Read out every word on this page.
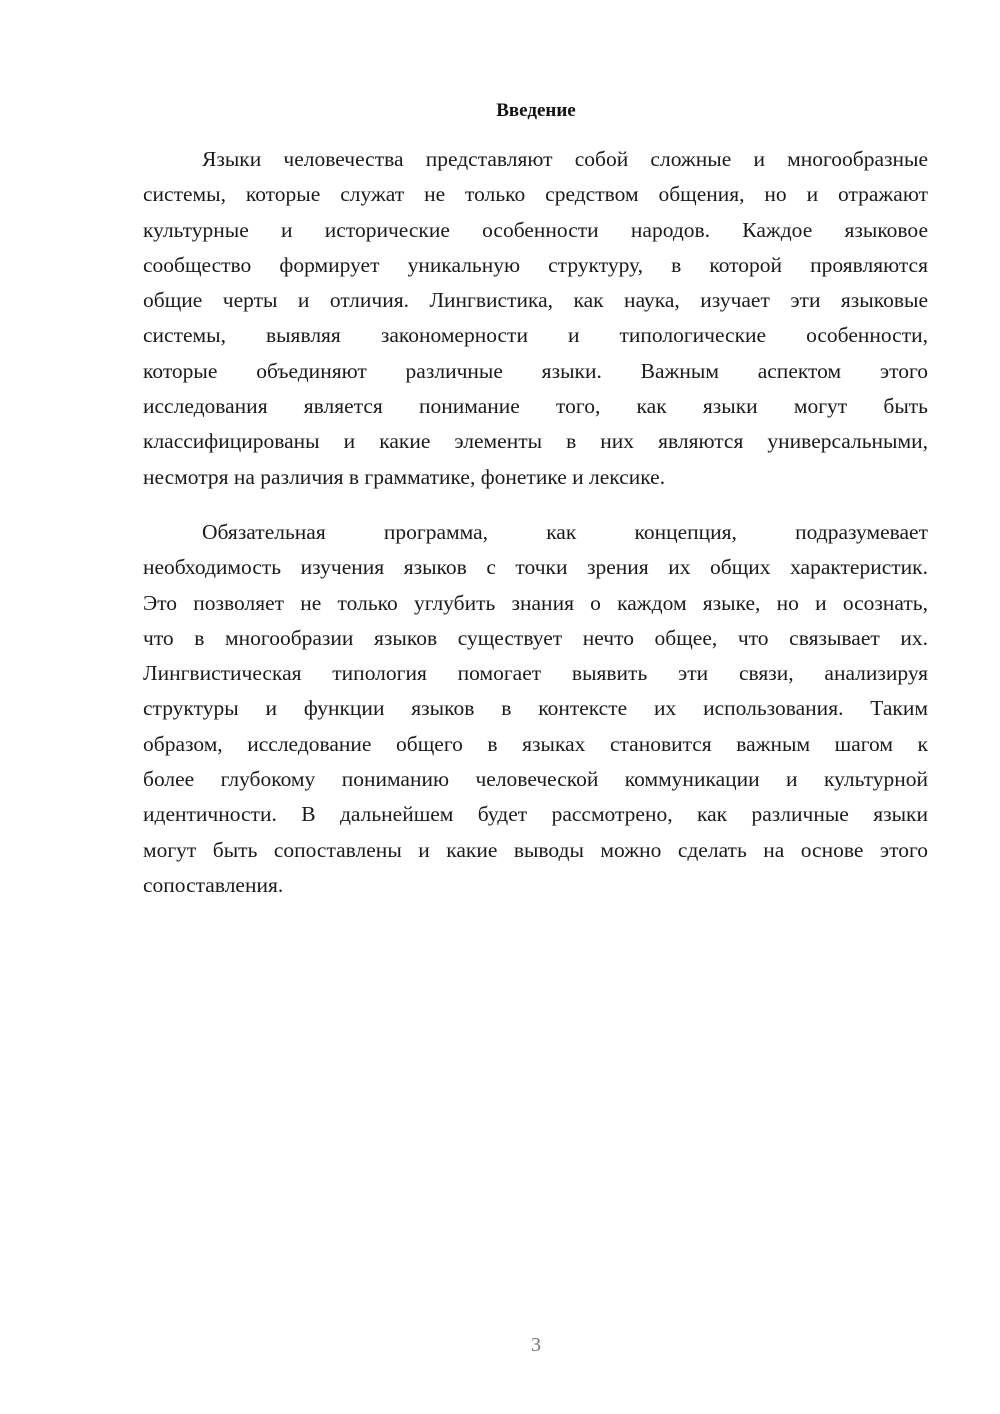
Введение
Языки человечества представляют собой сложные и многообразные
системы, которые служат не только средством общения, но и отражают
культурные и исторические особенности народов. Каждое языковое
сообщество формирует уникальную структуру, в которой проявляются
общие черты и отличия. Лингвистика, как наука, изучает эти языковые
системы, выявляя закономерности и типологические особенности,
которые объединяют различные языки. Важным аспектом этого
исследования является понимание того, как языки могут быть
классифицированы и какие элементы в них являются универсальными,
несмотря на различия в грамматике, фонетике и лексике.
Обязательная программа, как концепция, подразумевает
необходимость изучения языков с точки зрения их общих характеристик.
Это позволяет не только углубить знания о каждом языке, но и осознать,
что в многообразии языков существует нечто общее, что связывает их.
Лингвистическая типология помогает выявить эти связи, анализируя
структуры и функции языков в контексте их использования. Таким
образом, исследование общего в языках становится важным шагом к
более глубокому пониманию человеческой коммуникации и культурной
идентичности. В дальнейшем будет рассмотрено, как различные языки
могут быть сопоставлены и какие выводы можно сделать на основе этого
сопоставления.
3
